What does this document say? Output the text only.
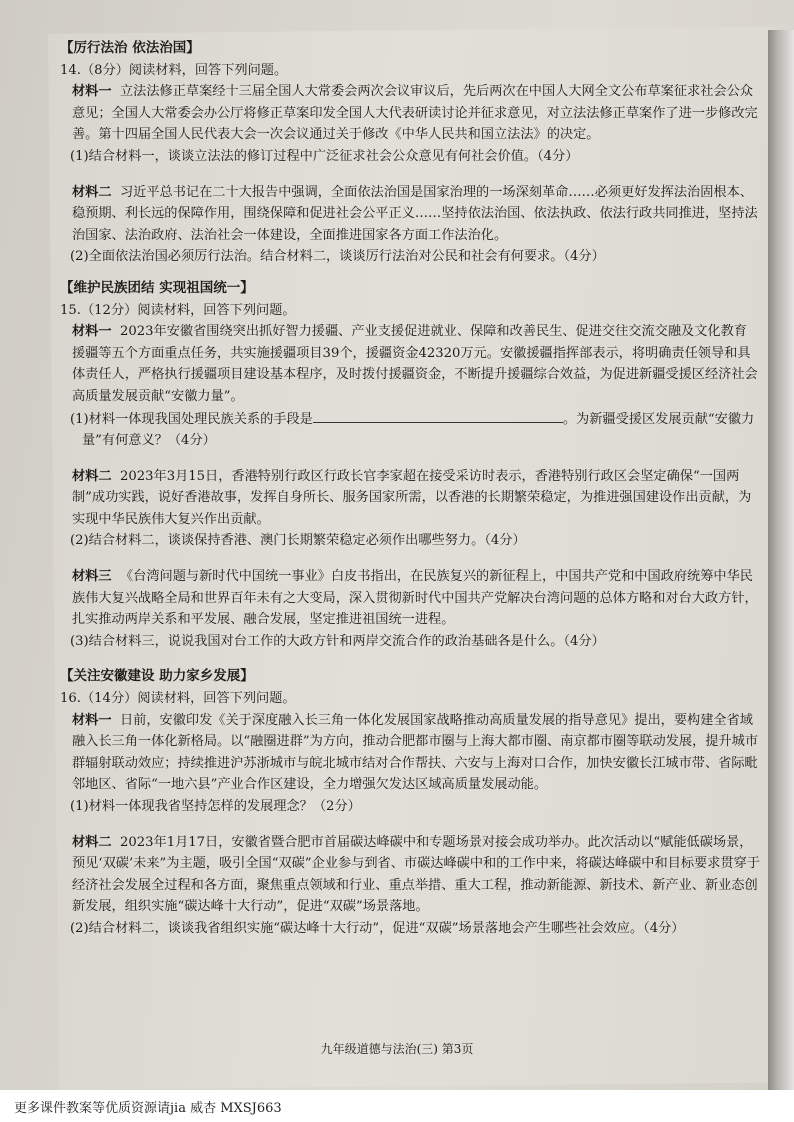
【厉行法治 依法治国】

14.（8分）阅读材料，回答下列问题。

材料一 立法法修正草案经十三届全国人大常委会两次会议审议后，先后两次在中国人大网全文公布草案征求社会公众意见；全国人大常委会办公厅将修正草案印发全国人大代表研读讨论并征求意见，对立法法修正草案作了进一步修改完善。第十四届全国人民代表大会一次会议通过关于修改《中华人民共和国立法法》的决定。

(1)结合材料一，谈谈立法法的修订过程中广泛征求社会公众意见有何社会价值。（4分）

材料二 习近平总书记在二十大报告中强调，全面依法治国是国家治理的一场深刻革命……必须更好发挥法治固根本、稳预期、利长远的保障作用，围绕保障和促进社会公平正义……坚持依法治国、依法执政、依法行政共同推进，坚持法治国家、法治政府、法治社会一体建设，全面推进国家各方面工作法治化。

(2)全面依法治国必须厉行法治。结合材料二，谈谈厉行法治对公民和社会有何要求。（4分）

【维护民族团结 实现祖国统一】

15.（12分）阅读材料，回答下列问题。

材料一 2023年安徽省围绕突出抓好智力援疆、产业支援促进就业、保障和改善民生、促进交往交流交融及文化教育援疆等五个方面重点任务，共实施援疆项目39个，援疆资金42320万元。安徽援疆指挥部表示，将明确责任领导和具体责任人，严格执行援疆项目建设基本程序，及时拨付援疆资金，不断提升援疆综合效益，为促进新疆受援区经济社会高质量发展贡献“安徽力量”。

(1)材料一体现我国处理民族关系的手段是	。为新疆受援区发展贡献“安徽力量”有何意义？（4分）

材料二 2023年3月15日，香港特别行政区行政长官李家超在接受采访时表示，香港特别行政区会坚定确保“一国两制”成功实践，说好香港故事，发挥自身所长、服务国家所需，以香港的长期繁荣稳定，为推进强国建设作出贡献，为实现中华民族伟大复兴作出贡献。

(2)结合材料二，谈谈保持香港、澳门长期繁荣稳定必须作出哪些努力。（4分）

材料三 《台湾问题与新时代中国统一事业》白皮书指出，在民族复兴的新征程上，中国共产党和中国政府统筹中华民族伟大复兴战略全局和世界百年未有之大变局，深入贯彻新时代中国共产党解决台湾问题的总体方略和对台大政方针，扎实推动两岸关系和平发展、融合发展，坚定推进祖国统一进程。

(3)结合材料三，说说我国对台工作的大政方针和两岸交流合作的政治基础各是什么。（4分）

【关注安徽建设 助力家乡发展】

16.（14分）阅读材料，回答下列问题。

材料一 日前，安徽印发《关于深度融入长三角一体化发展国家战略推动高质量发展的指导意见》提出，要构建全省域融入长三角一体化新格局。以“融圈进群”为方向，推动合肥都市圈与上海大都市圈、南京都市圈等联动发展，提升城市群辐射联动效应；持续推进沪苏浙城市与皖北城市结对合作帮扶、六安与上海对口合作，加快安徽长江城市带、省际毗邻地区、省际“一地六县”产业合作区建设，全力增强欠发达区域高质量发展动能。

(1)材料一体现我省坚持怎样的发展理念？（2分）

材料二 2023年1月17日，安徽省暨合肥市首届碳达峰碳中和专题场景对接会成功举办。此次活动以“赋能低碳场景，预见‘双碳’未来”为主题，吸引全国“双碳”企业参与到省、市碳达峰碳中和的工作中来，将碳达峰碳中和目标要求贯穿于经济社会发展全过程和各方面，聚焦重点领域和行业、重点举措、重大工程，推动新能源、新技术、新产业、新业态创新发展，组织实施“碳达峰十大行动”，促进“双碳”场景落地。

(2)结合材料二，谈谈我省组织实施“碳达峰十大行动”，促进“双碳”场景落地会产生哪些社会效应。（4分）

九年级道德与法治(三) 第3页
更多课件教案等优质资源请jia 威杏 MXSJ663
